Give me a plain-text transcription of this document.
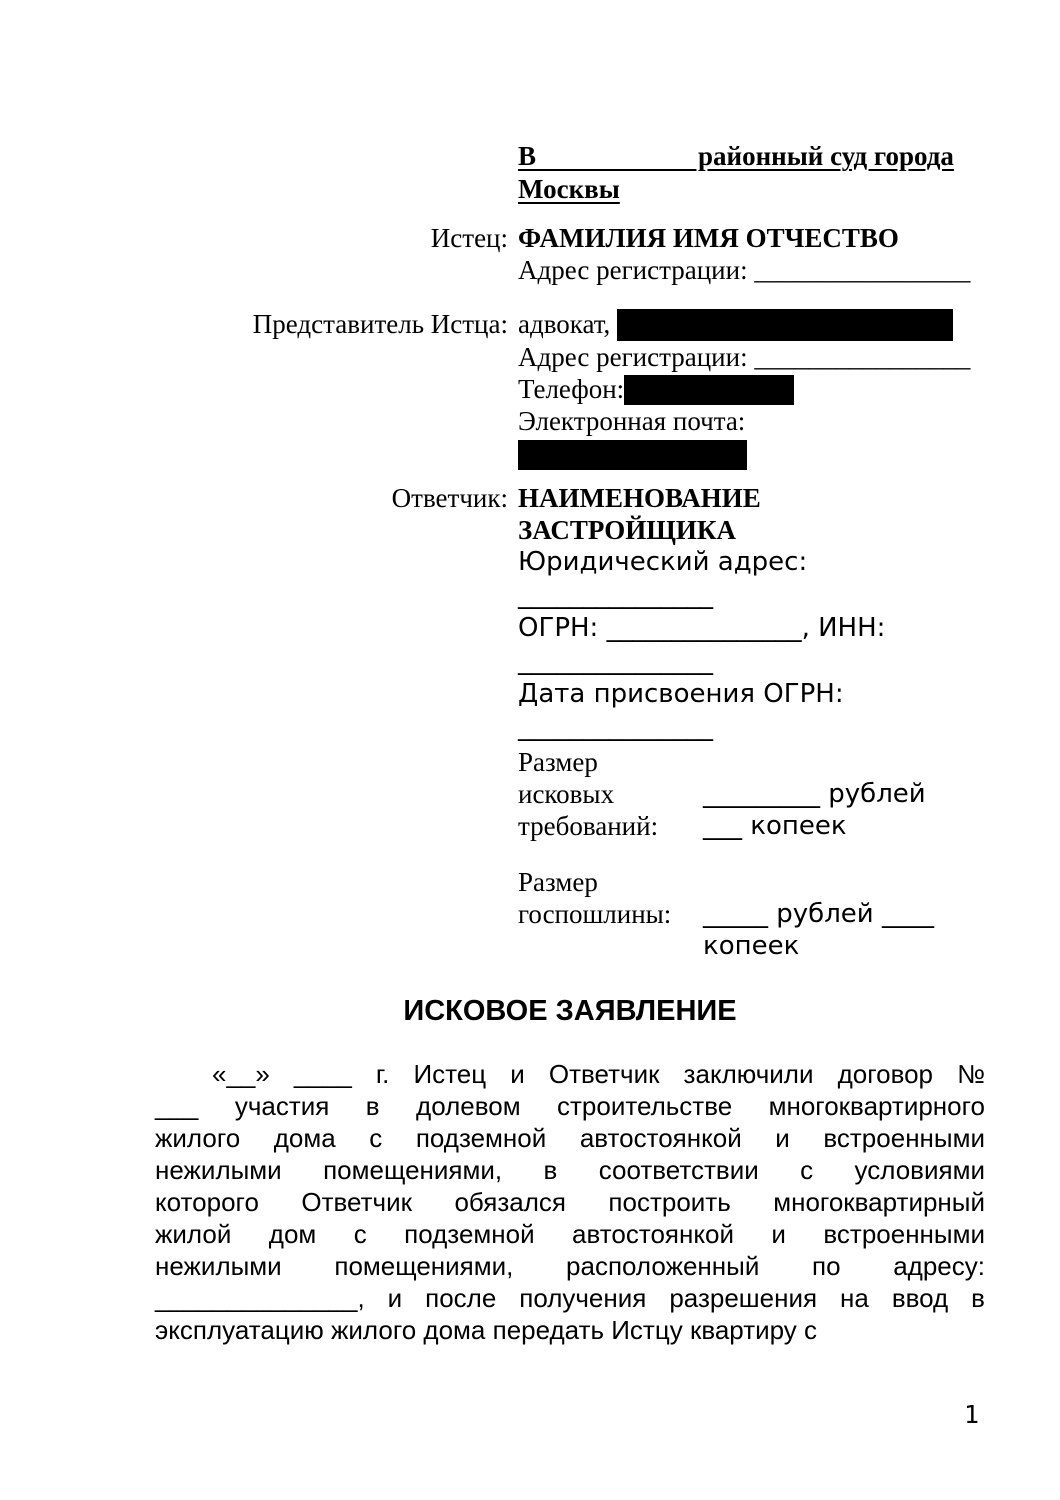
В                        районный суд города Москвы
Истец: ФАМИЛИЯ ИМЯ ОТЧЕСТВО
Адрес регистрации: ________________
Представитель Истца: адвокат,
Адрес регистрации: ________________
Телефон:
Электронная почта:
Ответчик: НАИМЕНОВАНИЕ ЗАСТРОЙЩИКА
Юридический адрес:
_______________
ОГРН: _______________, ИНН:
_______________
Дата присвоения ОГРН:
_______________
Размер
исковых
требований:
_________ рублей
___ копеек
Размер
госпошлины:	_____ рублей ____
копеек
ИСКОВОЕ ЗАЯВЛЕНИЕ
«__» ____ г. Истец и Ответчик заключили договор №
___ участия в долевом строительстве многоквартирного
жилого дома с подземной автостоянкой и встроенными
нежилыми помещениями, в соответствии с условиями
которого Ответчик обязался построить многоквартирный
жилой дом с подземной автостоянкой и встроенными
нежилыми помещениями, расположенный по адресу:
______________, и после получения разрешения на ввод в
эксплуатацию жилого дома передать Истцу квартиру с
1
